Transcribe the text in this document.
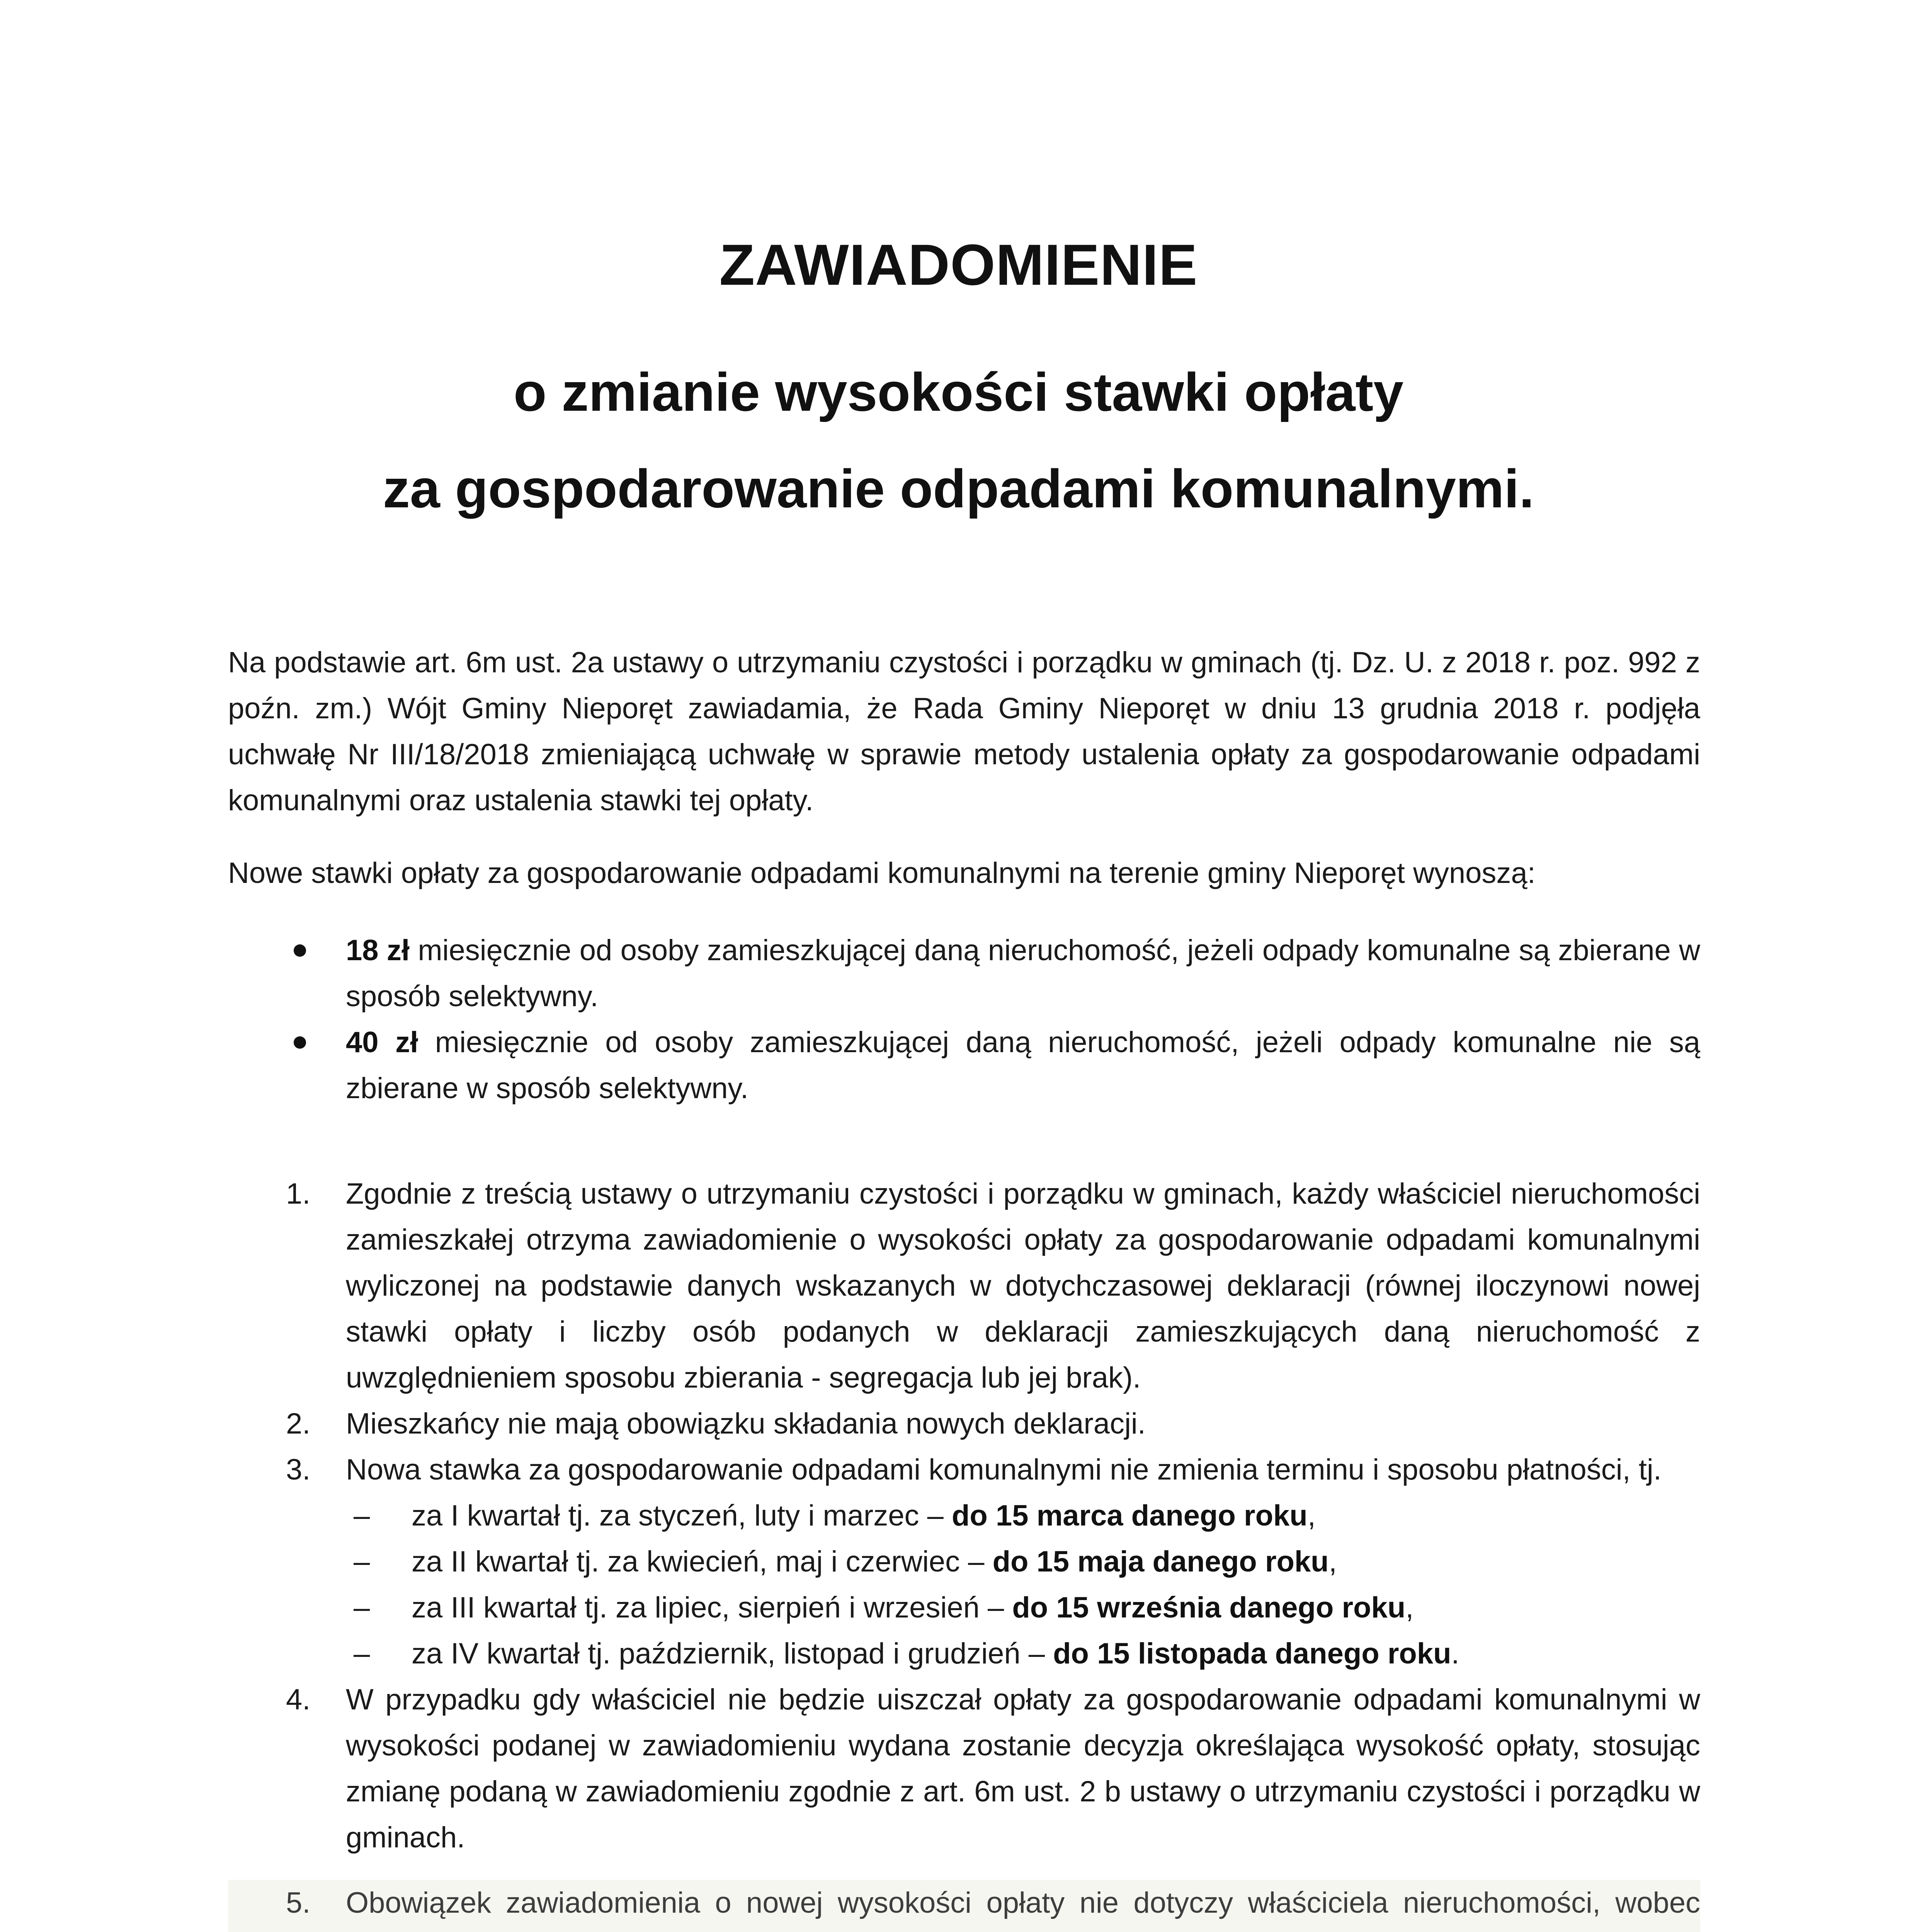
ZAWIADOMIENIE
o zmianie wysokości stawki opłaty
za gospodarowanie odpadami komunalnymi.

Na podstawie art. 6m ust. 2a ustawy o utrzymaniu czystości i porządku w gminach (tj. Dz. U. z 2018 r. poz. 992 z poźn. zm.) Wójt Gminy Nieporęt zawiadamia, że Rada Gminy Nieporęt w dniu 13 grudnia 2018 r. podjęła uchwałę Nr III/18/2018 zmieniającą uchwałę w sprawie metody ustalenia opłaty za gospodarowanie odpadami komunalnymi oraz ustalenia stawki tej opłaty.

Nowe stawki opłaty za gospodarowanie odpadami komunalnymi na terenie gminy Nieporęt wynoszą:

18 zł miesięcznie od osoby zamieszkującej daną nieruchomość, jeżeli odpady komunalne są zbierane w sposób selektywny.
40 zł miesięcznie od osoby zamieszkującej daną nieruchomość, jeżeli odpady komunalne nie są zbierane w sposób selektywny.
1. Zgodnie z treścią ustawy o utrzymaniu czystości i porządku w gminach, każdy właściciel nieruchomości zamieszkałej otrzyma zawiadomienie o wysokości opłaty za gospodarowanie odpadami komunalnymi wyliczonej na podstawie danych wskazanych w dotychczasowej deklaracji (równej iloczynowi nowej stawki opłaty i liczby osób podanych w deklaracji zamieszkujących daną nieruchomość z uwzględnieniem sposobu zbierania - segregacja lub jej brak).
2. Mieszkańcy nie mają obowiązku składania nowych deklaracji.
3. Nowa stawka za gospodarowanie odpadami komunalnymi nie zmienia terminu i sposobu płatności, tj.
– za I kwartał tj. za styczeń, luty i marzec – do 15 marca danego roku,
– za II kwartał tj. za kwiecień, maj i czerwiec – do 15 maja danego roku,
– za III kwartał tj. za lipiec, sierpień i wrzesień – do 15 września danego roku,
– za IV kwartał tj. październik, listopad i grudzień – do 15 listopada danego roku.
4. W przypadku gdy właściciel nie będzie uiszczał opłaty za gospodarowanie odpadami komunalnymi w wysokości podanej w zawiadomieniu wydana zostanie decyzja określająca wysokość opłaty, stosując zmianę podaną w zawiadomieniu zgodnie z art. 6m ust. 2 b ustawy o utrzymaniu czystości i porządku w gminach.
5. Obowiązek zawiadomienia o nowej wysokości opłaty nie dotyczy właściciela nieruchomości, wobec
